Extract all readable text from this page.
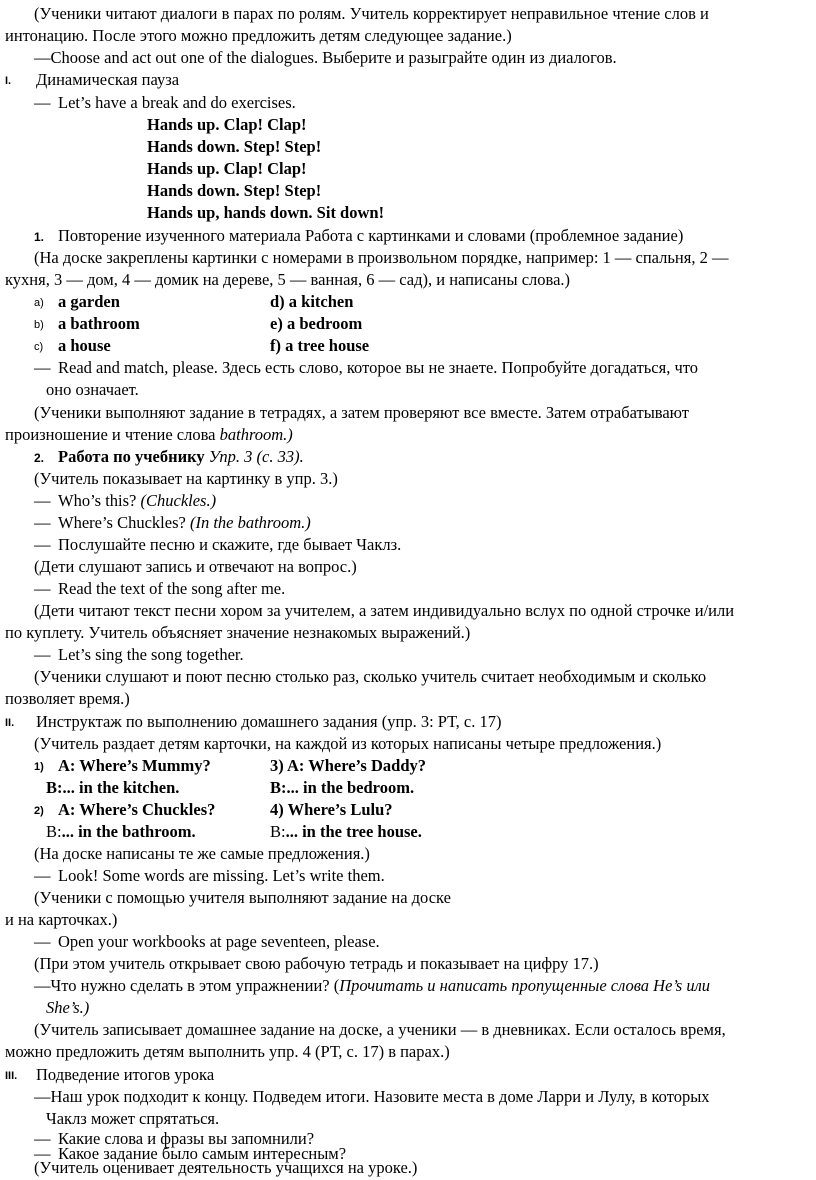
(Ученики читают диалоги в парах по ролям. Учитель корректирует неправильное чтение слов и
интонацию. После этого можно предложить детям следующее задание.)
—Choose and act out one of the dialogues. Выберите и разыграйте один из диалогов.
I. Динамическая пауза
— Let’s have a break and do exercises.
Hands up. Clap! Clap!
Hands down. Step! Step!
Hands up. Clap! Clap!
Hands down. Step! Step!
Hands up, hands down. Sit down!
1. Повторение изученного материала Работа с картинками и словами (проблемное задание)
(На доске закреплены картинки с номерами в произвольном порядке, например: 1 — спальня, 2 —
кухня, 3 — дом, 4 — домик на дереве, 5 — ванная, 6 — сад), и написаны слова.)
a) a garden	d) a kitchen
b) a bathroom	e) a bedroom
c) a house	f) a tree house
— Read and match, please. Здесь есть слово, которое вы не знаете. Попробуйте догадаться, что
оно означает.
(Ученики выполняют задание в тетрадях, а затем проверяют все вместе. Затем отрабатывают
произношение и чтение слова bathroom.)
2. Работа по учебнику Упр. 3 (с. 33).
(Учитель показывает на картинку в упр. 3.)
— Who’s this? (Chuckles.)
— Where’s Chuckles? (In the bathroom.)
— Послушайте песню и скажите, где бывает Чаклз.
(Дети слушают запись и отвечают на вопрос.)
— Read the text of the song after me.
(Дети читают текст песни хором за учителем, а затем индивидуально вслух по одной строчке и/или
по куплету. Учитель объясняет значение незнакомых выражений.)
— Let’s sing the song together.
(Ученики слушают и поют песню столько раз, сколько учитель считает необходимым и сколько
позволяет время.)
II. Инструктаж по выполнению домашнего задания (упр. 3: РТ, с. 17)
(Учитель раздает детям карточки, на каждой из которых написаны четыре предложения.)
1) A: Where’s Mummy?	3) A: Where’s Daddy?
B:... in the kitchen.	B:... in the bedroom.
2) A: Where’s Chuckles?	4) Where’s Lulu?
B:... in the bathroom.	B:... in the tree house.
(На доске написаны те же самые предложения.)
— Look! Some words are missing. Let’s write them.
(Ученики с помощью учителя выполняют задание на доске
и на карточках.)
— Open your workbooks at page seventeen, please.
(При этом учитель открывает свою рабочую тетрадь и показывает на цифру 17.)
—Что нужно сделать в этом упражнении? (Прочитать и написать пропущенные слова He’s или
She’s.)
(Учитель записывает домашнее задание на доске, а ученики — в дневниках. Если осталось время,
можно предложить детям выполнить упр. 4 (РТ, с. 17) в парах.)
III. Подведение итогов урока
—Наш урок подходит к концу. Подведем итоги. Назовите места в доме Ларри и Лулу, в которых
Чаклз может спрятаться.
— Какие слова и фразы вы запомнили?
— Какое задание было самым интересным?
(Учитель оценивает деятельность учащихся на уроке.)
